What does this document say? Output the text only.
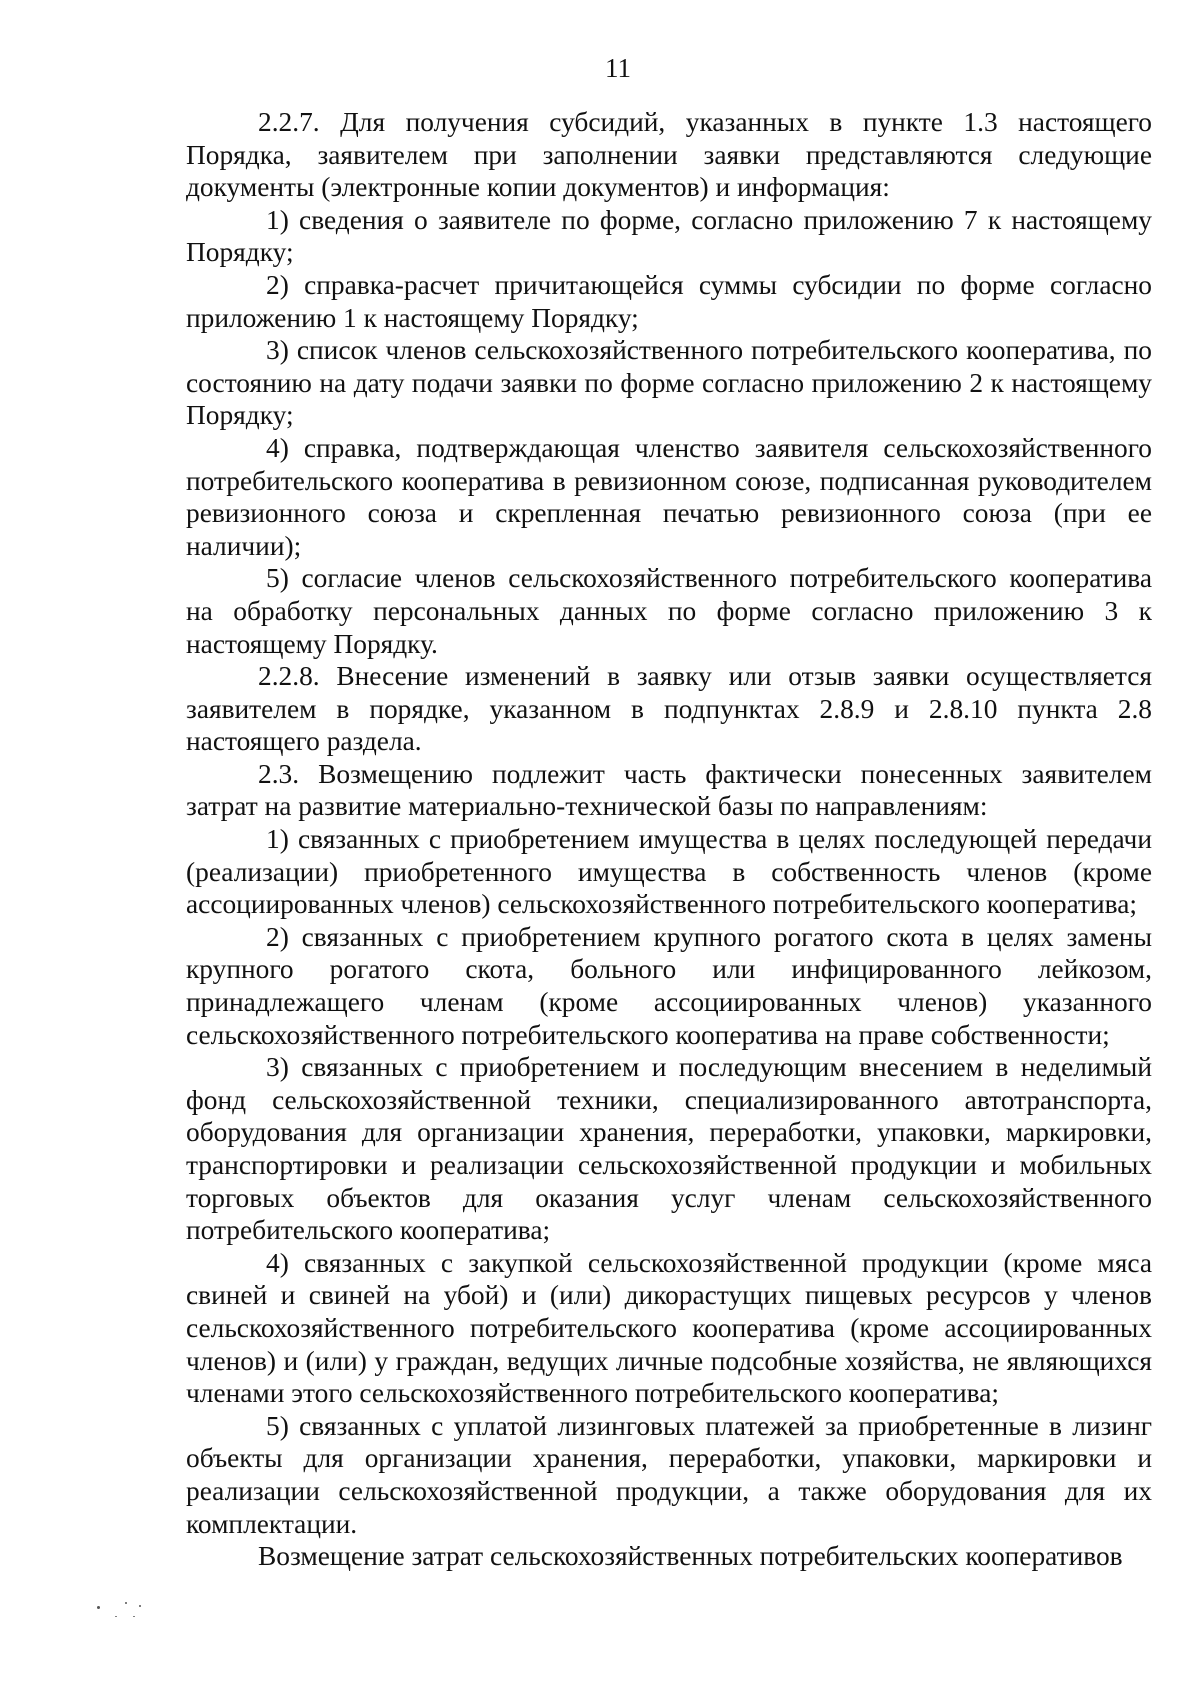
11

2.2.7. Для получения субсидий, указанных в пункте 1.3 настоящего Порядка, заявителем при заполнении заявки представляются следующие документы (электронные копии документов) и информация:

1) сведения о заявителе по форме, согласно приложению 7 к настоящему Порядку;

2) справка-расчет причитающейся суммы субсидии по форме согласно приложению 1 к настоящему Порядку;

3) список членов сельскохозяйственного потребительского кооператива, по состоянию на дату подачи заявки по форме согласно приложению 2 к настоящему Порядку;

4) справка, подтверждающая членство заявителя сельскохозяйственного потребительского кооператива в ревизионном союзе, подписанная руководителем ревизионного союза и скрепленная печатью ревизионного союза (при ее наличии);

5) согласие членов сельскохозяйственного потребительского кооператива на обработку персональных данных по форме согласно приложению 3 к настоящему Порядку.

2.2.8. Внесение изменений в заявку или отзыв заявки осуществляется заявителем в порядке, указанном в подпунктах 2.8.9 и 2.8.10 пункта 2.8 настоящего раздела.

2.3. Возмещению подлежит часть фактически понесенных заявителем затрат на развитие материально-технической базы по направлениям:

1) связанных с приобретением имущества в целях последующей передачи (реализации) приобретенного имущества в собственность членов (кроме ассоциированных членов) сельскохозяйственного потребительского кооператива;

2) связанных с приобретением крупного рогатого скота в целях замены крупного рогатого скота, больного или инфицированного лейкозом, принадлежащего членам (кроме ассоциированных членов) указанного сельскохозяйственного потребительского кооператива на праве собственности;

3) связанных с приобретением и последующим внесением в неделимый фонд сельскохозяйственной техники, специализированного автотранспорта, оборудования для организации хранения, переработки, упаковки, маркировки, транспортировки и реализации сельскохозяйственной продукции и мобильных торговых объектов для оказания услуг членам сельскохозяйственного потребительского кооператива;

4) связанных с закупкой сельскохозяйственной продукции (кроме мяса свиней и свиней на убой) и (или) дикорастущих пищевых ресурсов у членов сельскохозяйственного потребительского кооператива (кроме ассоциированных членов) и (или) у граждан, ведущих личные подсобные хозяйства, не являющихся членами этого сельскохозяйственного потребительского кооператива;

5) связанных с уплатой лизинговых платежей за приобретенные в лизинг объекты для организации хранения, переработки, упаковки, маркировки и реализации сельскохозяйственной продукции, а также оборудования для их комплектации.

Возмещение затрат сельскохозяйственных потребительских кооперативов
